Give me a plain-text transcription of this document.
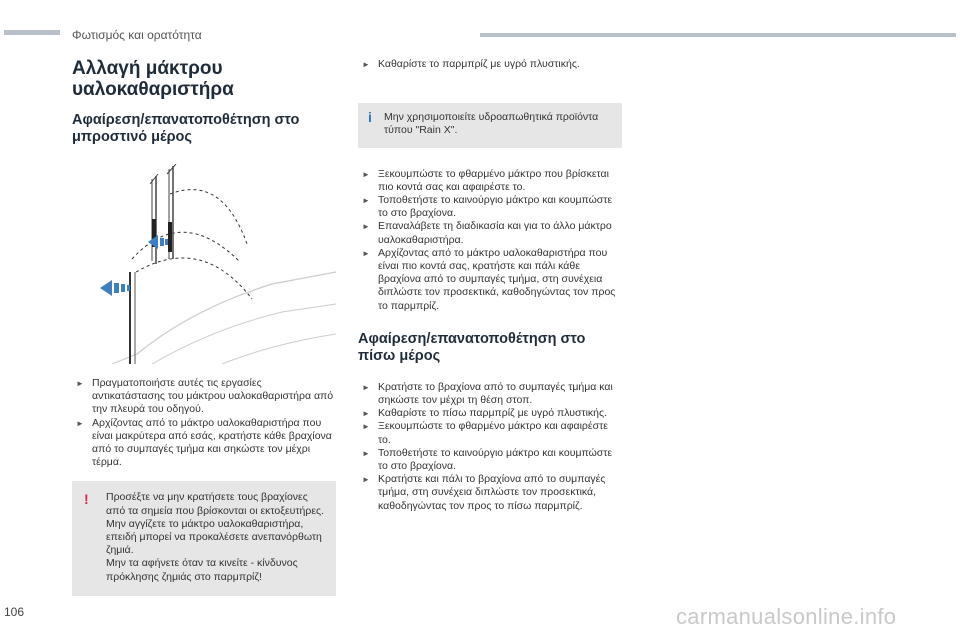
Φωτισμός και ορατότητα
Αλλαγή μάκτρου υαλοκαθαριστήρα
Αφαίρεση/επανατοποθέτηση στο μπροστινό μέρος
► Πραγματοποιήστε αυτές τις εργασίες αντικατάστασης του μάκτρου υαλοκαθαριστήρα από την πλευρά του οδηγού.
► Αρχίζοντας από το μάκτρο υαλοκαθαριστήρα που είναι μακρύτερα από εσάς, κρατήστε κάθε βραχίονα από το συμπαγές τμήμα και σηκώστε τον μέχρι τέρμα.
! Προσέξτε να μην κρατήσετε τους βραχίονες από τα σημεία που βρίσκονται οι εκτοξευτήρες.
Μην αγγίζετε το μάκτρο υαλοκαθαριστήρα, επειδή μπορεί να προκαλέσετε ανεπανόρθωτη ζημιά.
Μην τα αφήνετε όταν τα κινείτε - κίνδυνος πρόκλησης ζημιάς στο παρμπρίζ!
► Καθαρίστε το παρμπρίζ με υγρό πλυστικής.
i Μην χρησιμοποιείτε υδροαπωθητικά προϊόντα τύπου "Rain X".
► Ξεκουμπώστε το φθαρμένο μάκτρο που βρίσκεται πιο κοντά σας και αφαιρέστε το.
► Τοποθετήστε το καινούργιο μάκτρο και κουμπώστε το στο βραχίονα.
► Επαναλάβετε τη διαδικασία και για το άλλο μάκτρο υαλοκαθαριστήρα.
► Αρχίζοντας από το μάκτρο υαλοκαθαριστήρα που είναι πιο κοντά σας, κρατήστε και πάλι κάθε βραχίονα από το συμπαγές τμήμα, στη συνέχεια διπλώστε τον προσεκτικά, καθοδηγώντας τον προς το παρμπρίζ.
Αφαίρεση/επανατοποθέτηση στο πίσω μέρος
► Κρατήστε το βραχίονα από το συμπαγές τμήμα και σηκώστε τον μέχρι τη θέση στοπ.
► Καθαρίστε το πίσω παρμπρίζ με υγρό πλυστικής.
► Ξεκουμπώστε το φθαρμένο μάκτρο και αφαιρέστε το.
► Τοποθετήστε το καινούργιο μάκτρο και κουμπώστε το στο βραχίονα.
► Κρατήστε και πάλι το βραχίονα από το συμπαγές τμήμα, στη συνέχεια διπλώστε τον προσεκτικά, καθοδηγώντας τον προς το πίσω παρμπρίζ.
106	carmanualsonline.info
